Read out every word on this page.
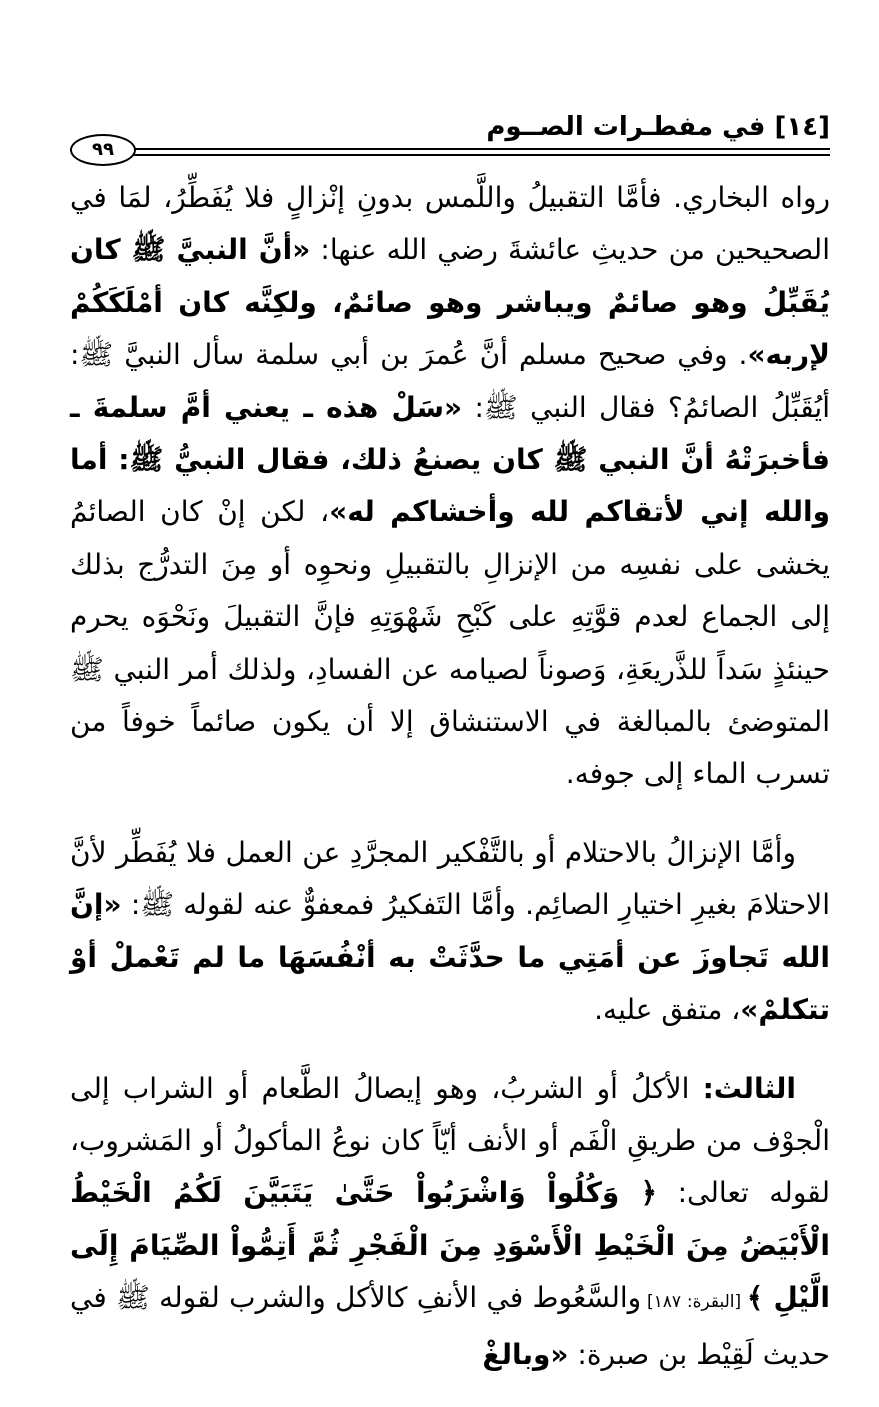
[١٤] في مفطـرات الصــوم
٩٩

رواه البخاري. فأمَّا التقبيلُ واللَّمس بدونِ إنْزالٍ فلا يُفَطِّرُ، لمَا في الصحيحين من حديثِ عائشةَ رضي الله عنها: «أنَّ النبيَّ ﷺ كان يُقَبِّلُ وهو صائمٌ ويباشر وهو صائمٌ، ولكِنَّه كان أمْلَكَكُمْ لإربه». وفي صحيح مسلم أنَّ عُمرَ بن أبي سلمة سأل النبيَّ ﷺ: أيُقَبِّلُ الصائمُ؟ فقال النبي ﷺ: «سَلْ هذه ـ يعني أمَّ سلمةَ ـ فأخبرَتْهُ أنَّ النبي ﷺ كان يصنعُ ذلك، فقال النبيُّ ﷺ: أما والله إني لأتقاكم لله وأخشاكم له»، لكن إنْ كان الصائمُ يخشى على نفسِه من الإنزالِ بالتقبيلِ ونحوِه أو مِنَ التدرُّج بذلك إلى الجماع لعدم قوَّتِهِ على كَبْحِ شَهْوَتِهِ فإنَّ التقبيلَ ونَحْوَه يحرم حينئذٍ سَداً للذَّريعَةِ، وَصوناً لصيامه عن الفسادِ، ولذلك أمر النبي ﷺ المتوضئ بالمبالغة في الاستنشاق إلا أن يكون صائماً خوفاً من تسرب الماء إلى جوفه.

وأمَّا الإنزالُ بالاحتلام أو بالتَّفْكير المجرَّدِ عن العمل فلا يُفَطِّر لأنَّ الاحتلامَ بغيرِ اختيارِ الصائِم. وأمَّا التَفكيرُ فمعفوٌّ عنه لقوله ﷺ: «إنَّ الله تَجاوزَ عن أمَتِي ما حدَّثَتْ به أنْفُسَهَا ما لم تَعْملْ أوْ تتكلمْ»، متفق عليه.

الثالث: الأكلُ أو الشربُ، وهو إيصالُ الطَّعام أو الشراب إلى الْجوْف من طريقِ الْفَم أو الأنف أيّاً كان نوعُ المأكولُ أو المَشروب، لقوله تعالى: ﴿ وَكُلُواْ وَاشْرَبُواْ حَتَّىٰ يَتَبَيَّنَ لَكُمُ الْخَيْطُ الْأَبْيَضُ مِنَ الْخَيْطِ الْأَسْوَدِ مِنَ الْفَجْرِ ثُمَّ أَتِمُّواْ الصِّيَامَ إِلَى الَّيْلِ ﴾ [البقرة: ١٨٧] والسَّعُوط في الأنفِ كالأكل والشرب لقوله ﷺ في حديث لَقِيْط بن صبرة: «وبالغْ
